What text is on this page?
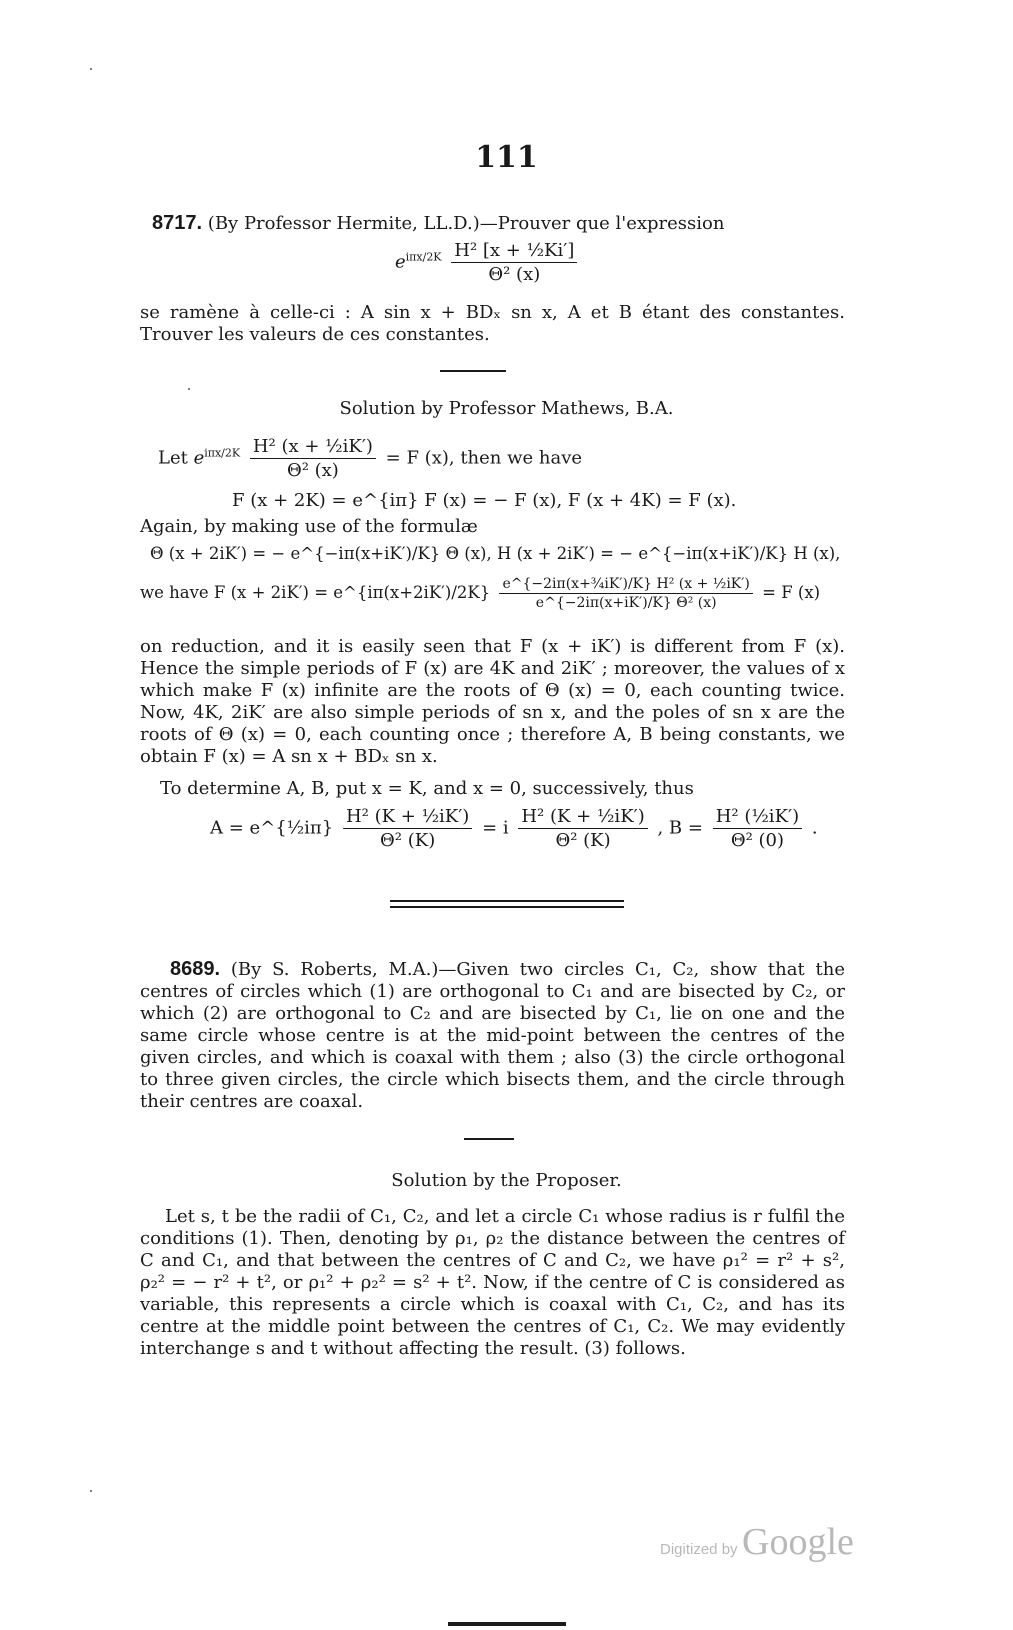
111
8717. (By Professor Hermite, LL.D.)—Prouver que l'expression
$e^{i\pi x/2K} \frac{\text{H² [x + ½Ki′]}}{\text{Θ² (x)}}$
se ramène à celle-ci : A sin x + BDₓ sn x, A et B étant des constantes. Trouver les valeurs de ces constantes.
Solution by Professor Mathews, B.A.
Let $e^{i\pi x/2K} \frac{\text{H² (x + ½iK′)}}{\text{Θ² (x)}} = F$ (x), then we have
F (x + 2K) = e^{iπ} F (x) = − F (x), F (x + 4K) = F (x).
Again, by making use of the formulæ
Θ (x + 2iK′) = − e^{−iπ(x+iK′)/K} Θ (x), H (x + 2iK′) = − e^{−iπ(x+iK′)/K} H (x),
we have F (x + 2iK′) = e^{iπ(x+2iK′)/2K} $\frac{\text{e\textasciicircum{}\{−2iπ(x+¾iK′)/K\} H² (x + ½iK′)}}{\text{e\textasciicircum{}\{−2iπ(x+iK′)/K\} Θ² (x)}} = F$ (x)
on reduction, and it is easily seen that F (x + iK′) is different from F (x). Hence the simple periods of F (x) are 4K and 2iK′ ; moreover, the values of x which make F (x) infinite are the roots of Θ (x) = 0, each counting twice. Now, 4K, 2iK′ are also simple periods of sn x, and the poles of sn x are the roots of Θ (x) = 0, each counting once ; therefore A, B being constants, we obtain F (x) = A sn x + BDₓ sn x.
To determine A, B, put x = K, and x = 0, successively, thus
A = e^{½iπ} $\frac{\text{H² (K + ½iK′)}}{\text{Θ² (K)}} = i \frac{\text{H² (K + ½iK′)}}{\text{Θ² (K)}}$ , $B = \frac{\text{H² (½iK′)}}{\text{Θ² (0)}}$ .
8689. (By S. Roberts, M.A.)—Given two circles C₁, C₂, show that the centres of circles which (1) are orthogonal to C₁ and are bisected by C₂, or which (2) are orthogonal to C₂ and are bisected by C₁, lie on one and the same circle whose centre is at the mid-point between the centres of the given circles, and which is coaxal with them ; also (3) the circle orthogonal to three given circles, the circle which bisects them, and the circle through their centres are coaxal.
Solution by the Proposer.
Let s, t be the radii of C₁, C₂, and let a circle C₁ whose radius is r fulfil the conditions (1). Then, denoting by ρ₁, ρ₂ the distance between the centres of C and C₁, and that between the centres of C and C₂, we have ρ₁² = r² + s², ρ₂² = − r² + t², or ρ₁² + ρ₂² = s² + t². Now, if the centre of C is considered as variable, this represents a circle which is coaxal with C₁, C₂, and has its centre at the middle point between the centres of C₁, C₂. We may evidently interchange s and t without affecting the result. (3) follows.
Digitized by Google
